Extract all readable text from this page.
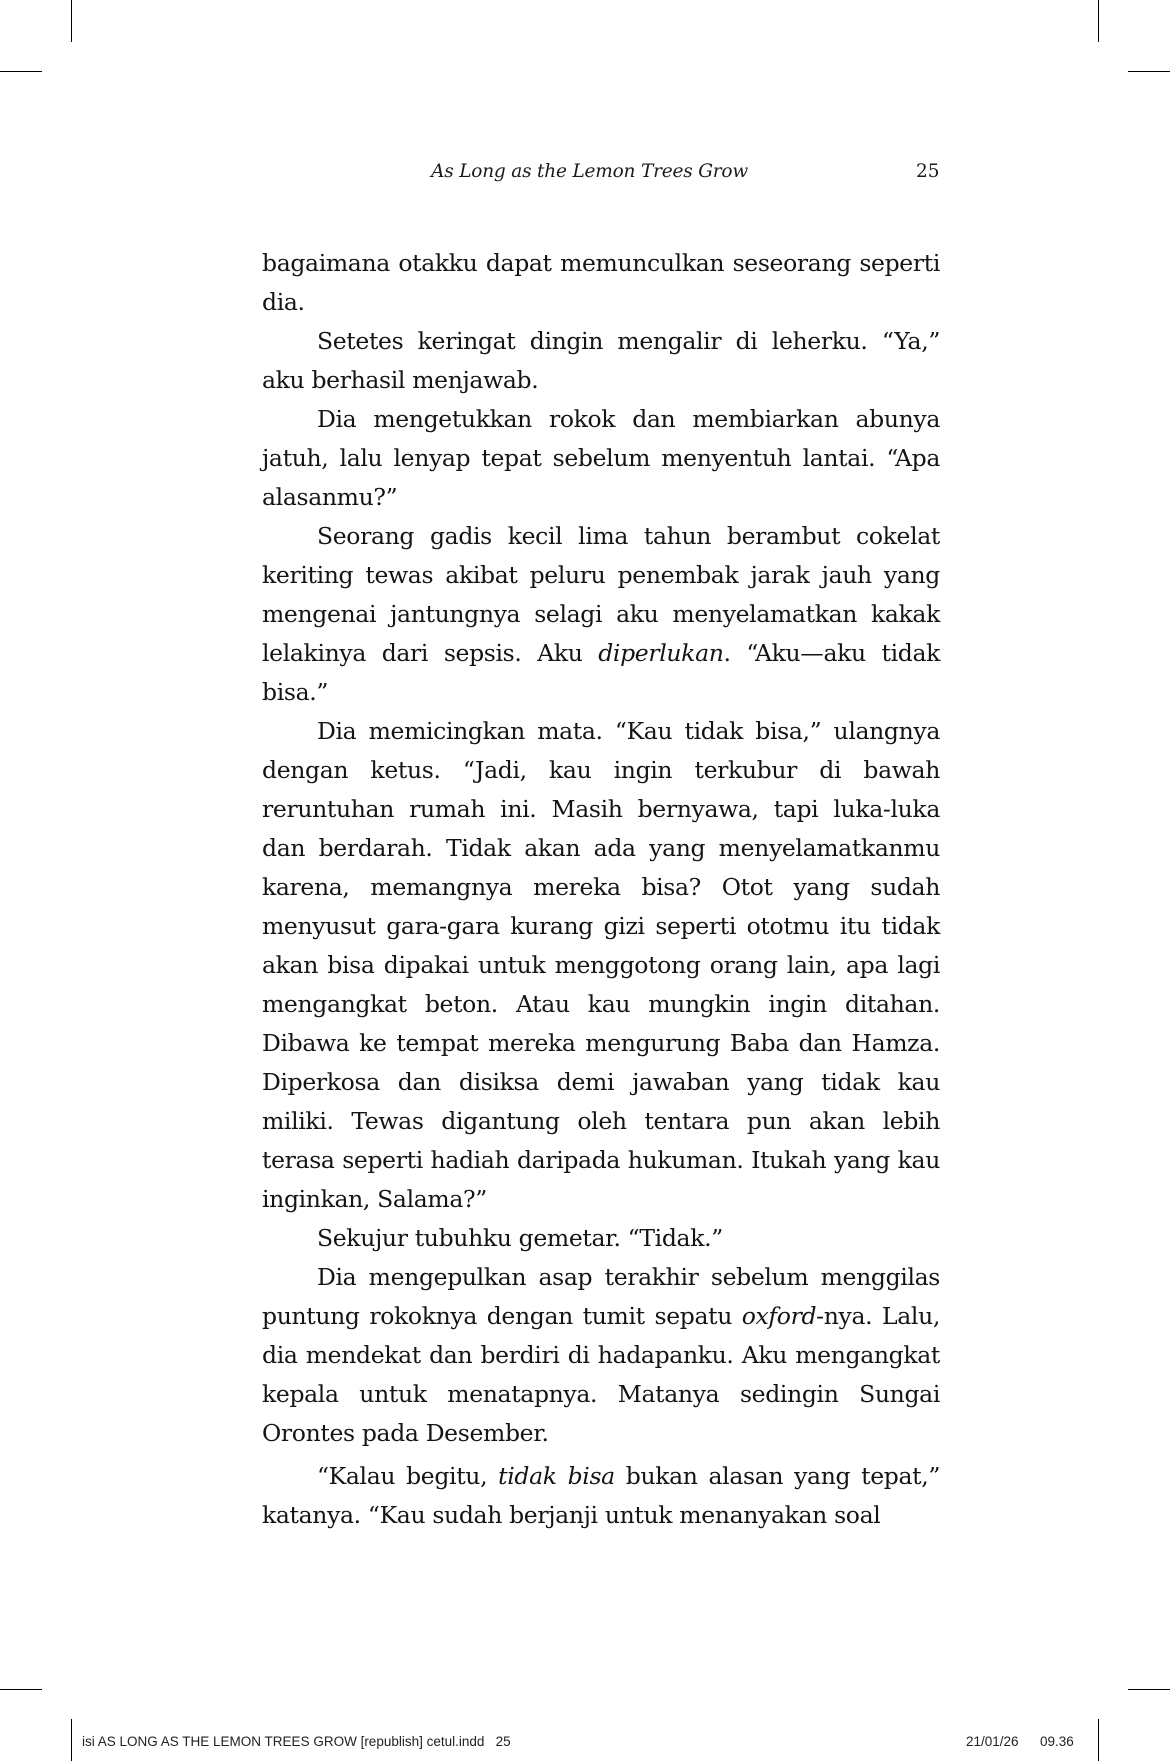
As Long as the Lemon Trees Grow	25

bagaimana otakku dapat memunculkan seseorang seperti dia.

Setetes keringat dingin mengalir di leherku. “Ya,” aku berhasil menjawab.

Dia mengetukkan rokok dan membiarkan abunya jatuh, lalu lenyap tepat sebelum menyentuh lantai. “Apa alasanmu?”

Seorang gadis kecil lima tahun berambut cokelat keriting tewas akibat peluru penembak jarak jauh yang mengenai jantungnya selagi aku menyelamatkan kakak lelakinya dari sepsis. Aku diperlukan. “Aku—aku tidak bisa.”

Dia memicingkan mata. “Kau tidak bisa,” ulangnya dengan ketus. “Jadi, kau ingin terkubur di bawah reruntuhan rumah ini. Masih bernyawa, tapi luka-luka dan berdarah. Tidak akan ada yang menyelamatkanmu karena, memangnya mereka bisa? Otot yang sudah menyusut gara-gara kurang gizi seperti ototmu itu tidak akan bisa dipakai untuk menggotong orang lain, apa lagi mengangkat beton. Atau kau mungkin ingin ditahan. Dibawa ke tempat mereka mengurung Baba dan Hamza. Diperkosa dan disiksa demi jawaban yang tidak kau miliki. Tewas digantung oleh tentara pun akan lebih terasa seperti hadiah daripada hukuman. Itukah yang kau inginkan, Salama?”

Sekujur tubuhku gemetar. “Tidak.”

Dia mengepulkan asap terakhir sebelum menggilas puntung rokoknya dengan tumit sepatu oxford-nya. Lalu, dia mendekat dan berdiri di hadapanku. Aku mengangkat kepala untuk menatapnya. Matanya sedingin Sungai Orontes pada Desember.

“Kalau begitu, tidak bisa bukan alasan yang tepat,” katanya. “Kau sudah berjanji untuk menanyakan soal

isi AS LONG AS THE LEMON TREES GROW [republish] cetul.indd   25	21/01/26 09.36
